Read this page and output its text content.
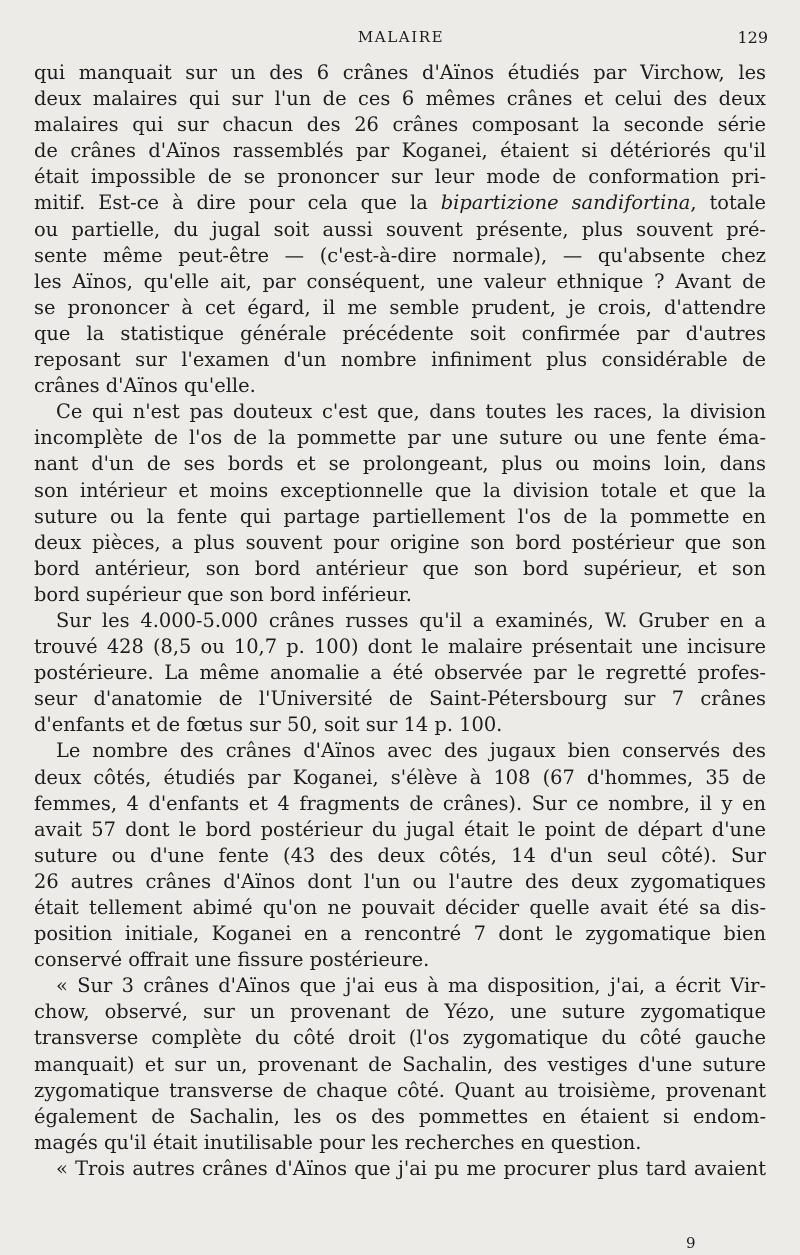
MALAIRE	129
qui manquait sur un des 6 crânes d'Aïnos étudiés par Virchow, les
deux malaires qui sur l'un de ces 6 mêmes crânes et celui des deux
malaires qui sur chacun des 26 crânes composant la seconde série
de crânes d'Aïnos rassemblés par Koganei, étaient si détériorés qu'il
était impossible de se prononcer sur leur mode de conformation pri-
mitif. Est-ce à dire pour cela que la bipartizione sandifortina, totale
ou partielle, du jugal soit aussi souvent présente, plus souvent pré-
sente même peut-être — (c'est-à-dire normale), — qu'absente chez
les Aïnos, qu'elle ait, par conséquent, une valeur ethnique ? Avant de
se prononcer à cet égard, il me semble prudent, je crois, d'attendre
que la statistique générale précédente soit confirmée par d'autres
reposant sur l'examen d'un nombre infiniment plus considérable de
crânes d'Aïnos qu'elle.
Ce qui n'est pas douteux c'est que, dans toutes les races, la division
incomplète de l'os de la pommette par une suture ou une fente éma-
nant d'un de ses bords et se prolongeant, plus ou moins loin, dans
son intérieur et moins exceptionnelle que la division totale et que la
suture ou la fente qui partage partiellement l'os de la pommette en
deux pièces, a plus souvent pour origine son bord postérieur que son
bord antérieur, son bord antérieur que son bord supérieur, et son
bord supérieur que son bord inférieur.
Sur les 4.000-5.000 crânes russes qu'il a examinés, W. Gruber en a
trouvé 428 (8,5 ou 10,7 p. 100) dont le malaire présentait une incisure
postérieure. La même anomalie a été observée par le regretté profes-
seur d'anatomie de l'Université de Saint-Pétersbourg sur 7 crânes
d'enfants et de fœtus sur 50, soit sur 14 p. 100.
Le nombre des crânes d'Aïnos avec des jugaux bien conservés des
deux côtés, étudiés par Koganei, s'élève à 108 (67 d'hommes, 35 de
femmes, 4 d'enfants et 4 fragments de crânes). Sur ce nombre, il y en
avait 57 dont le bord postérieur du jugal était le point de départ d'une
suture ou d'une fente (43 des deux côtés, 14 d'un seul côté). Sur
26 autres crânes d'Aïnos dont l'un ou l'autre des deux zygomatiques
était tellement abimé qu'on ne pouvait décider quelle avait été sa dis-
position initiale, Koganei en a rencontré 7 dont le zygomatique bien
conservé offrait une fissure postérieure.
« Sur 3 crânes d'Aïnos que j'ai eus à ma disposition, j'ai, a écrit Vir-
chow, observé, sur un provenant de Yézo, une suture zygomatique
transverse complète du côté droit (l'os zygomatique du côté gauche
manquait) et sur un, provenant de Sachalin, des vestiges d'une suture
zygomatique transverse de chaque côté. Quant au troisième, provenant
également de Sachalin, les os des pommettes en étaient si endom-
magés qu'il était inutilisable pour les recherches en question.
« Trois autres crânes d'Aïnos que j'ai pu me procurer plus tard avaient
9
